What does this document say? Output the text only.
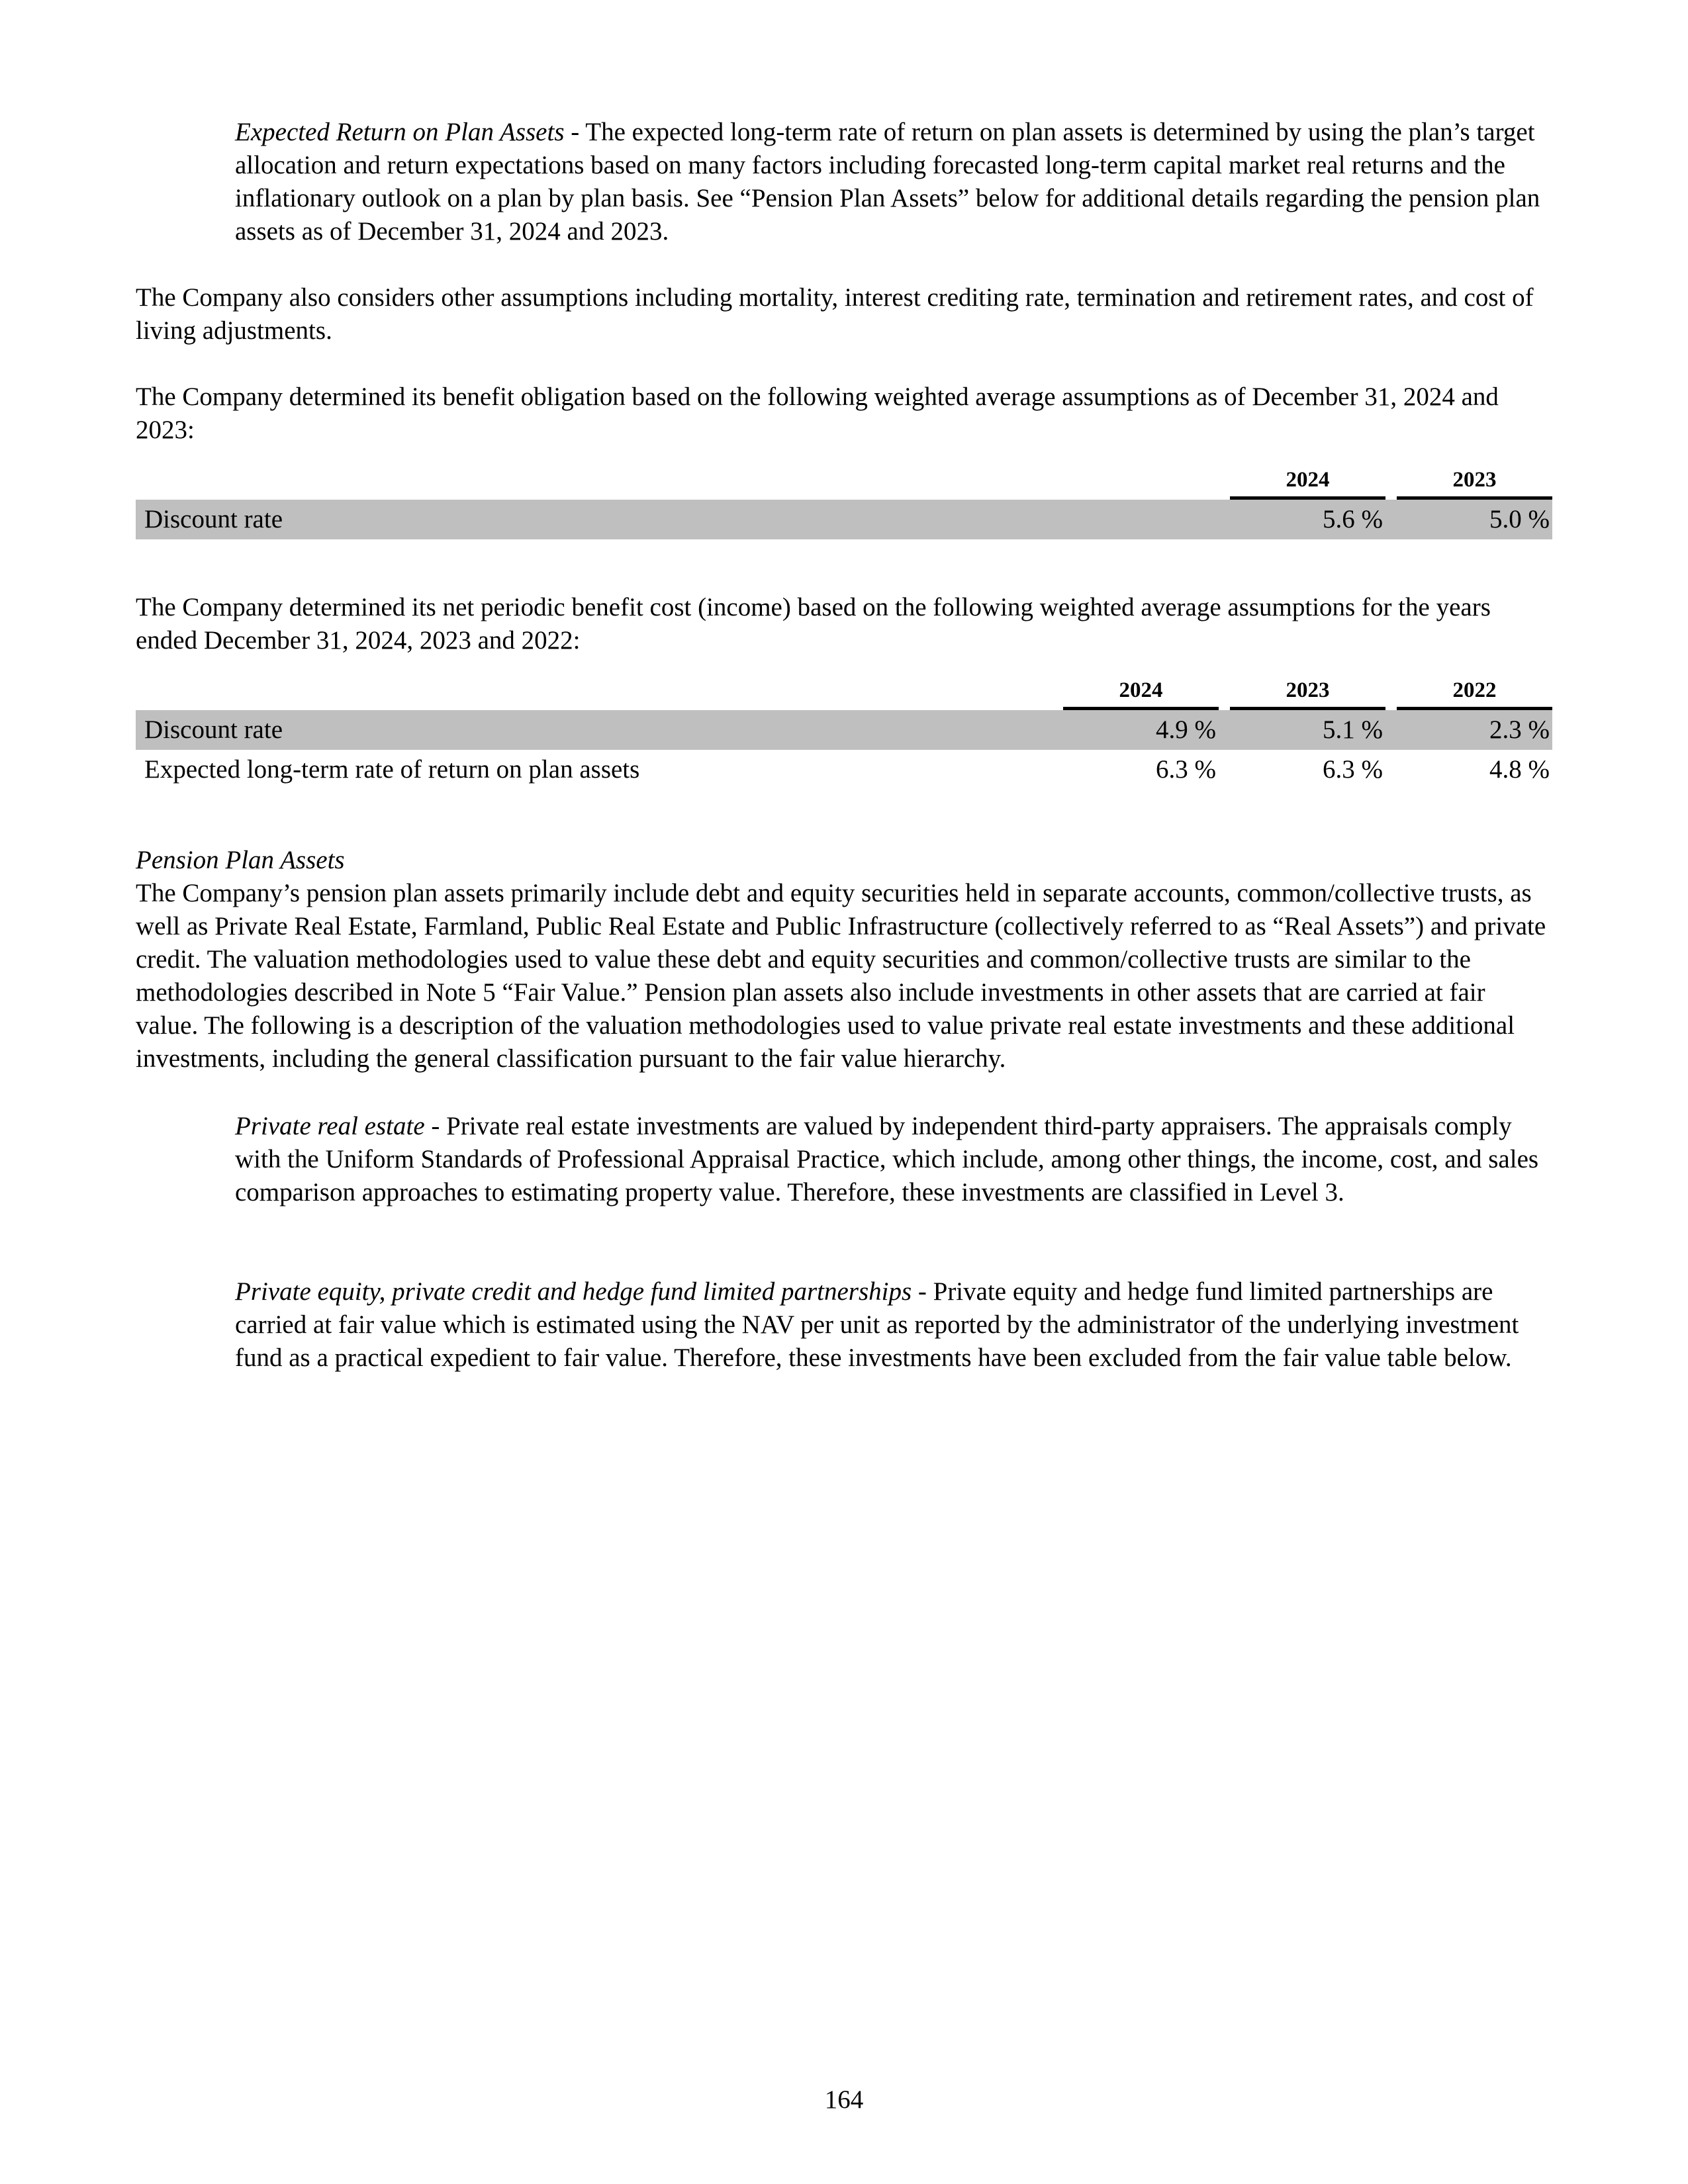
Expected Return on Plan Assets - The expected long-term rate of return on plan assets is determined by using the plan’s target allocation and return expectations based on many factors including forecasted long-term capital market real returns and the inflationary outlook on a plan by plan basis. See “Pension Plan Assets” below for additional details regarding the pension plan assets as of December 31, 2024 and 2023.

The Company also considers other assumptions including mortality, interest crediting rate, termination and retirement rates, and cost of living adjustments.

The Company determined its benefit obligation based on the following weighted average assumptions as of December 31, 2024 and 2023:

	2024		2023
Discount rate	5.6 %		5.0 %

The Company determined its net periodic benefit cost (income) based on the following weighted average assumptions for the years ended December 31, 2024, 2023 and 2022:

	2024		2023		2022
Discount rate	4.9 %		5.1 %		2.3 %
Expected long-term rate of return on plan assets	6.3 %		6.3 %		4.8 %

Pension Plan Assets

The Company’s pension plan assets primarily include debt and equity securities held in separate accounts, common/collective trusts, as well as Private Real Estate, Farmland, Public Real Estate and Public Infrastructure (collectively referred to as “Real Assets”) and private credit. The valuation methodologies used to value these debt and equity securities and common/collective trusts are similar to the methodologies described in Note 5 “Fair Value.” Pension plan assets also include investments in other assets that are carried at fair value. The following is a description of the valuation methodologies used to value private real estate investments and these additional investments, including the general classification pursuant to the fair value hierarchy.

Private real estate - Private real estate investments are valued by independent third-party appraisers. The appraisals comply with the Uniform Standards of Professional Appraisal Practice, which include, among other things, the income, cost, and sales comparison approaches to estimating property value. Therefore, these investments are classified in Level 3.

Private equity, private credit and hedge fund limited partnerships - Private equity and hedge fund limited partnerships are carried at fair value which is estimated using the NAV per unit as reported by the administrator of the underlying investment fund as a practical expedient to fair value. Therefore, these investments have been excluded from the fair value table below.

164
